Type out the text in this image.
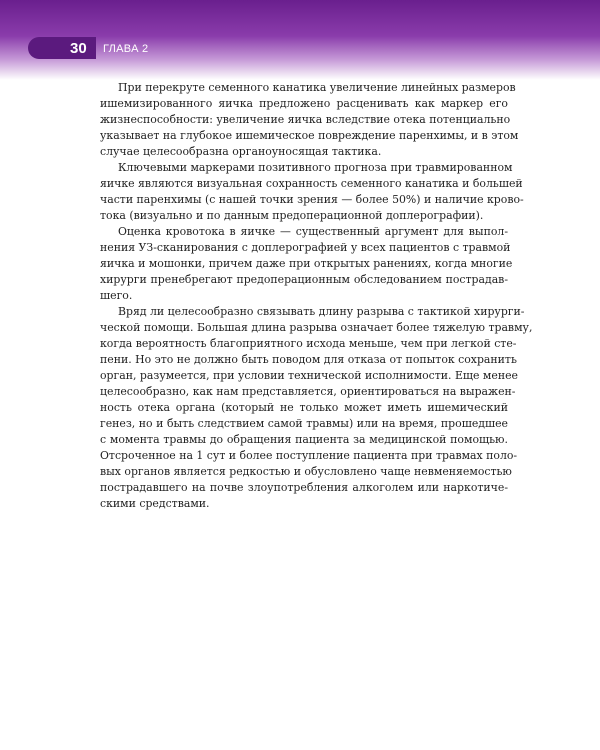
30 ГЛАВА 2
При перекруте семенного канатика увеличение линейных размеров
ишемизированного яичка предложено расценивать как маркер его
жизнеспособности: увеличение яичка вследствие отека потенциально
указывает на глубокое ишемическое повреждение паренхимы, и в этом
случае целесообразна органоуносящая тактика.
Ключевыми маркерами позитивного прогноза при травмированном
яичке являются визуальная сохранность семенного канатика и большей
части паренхимы (с нашей точки зрения — более 50%) и наличие крово-
тока (визуально и по данным предоперационной доплерографии).
Оценка кровотока в яичке — существенный аргумент для выпол-
нения УЗ-сканирования с доплерографией у всех пациентов с травмой
яичка и мошонки, причем даже при открытых ранениях, когда многие
хирурги пренебрегают предоперационным обследованием пострадав-
шего.
Вряд ли целесообразно связывать длину разрыва с тактикой хирурги-
ческой помощи. Большая длина разрыва означает более тяжелую травму,
когда вероятность благоприятного исхода меньше, чем при легкой сте-
пени. Но это не должно быть поводом для отказа от попыток сохранить
орган, разумеется, при условии технической исполнимости. Еще менее
целесообразно, как нам представляется, ориентироваться на выражен-
ность отека органа (который не только может иметь ишемический
генез, но и быть следствием самой травмы) или на время, прошедшее
с момента травмы до обращения пациента за медицинской помощью.
Отсроченное на 1 сут и более поступление пациента при травмах поло-
вых органов является редкостью и обусловлено чаще невменяемостью
пострадавшего на почве злоупотребления алкоголем или наркотиче-
скими средствами.
